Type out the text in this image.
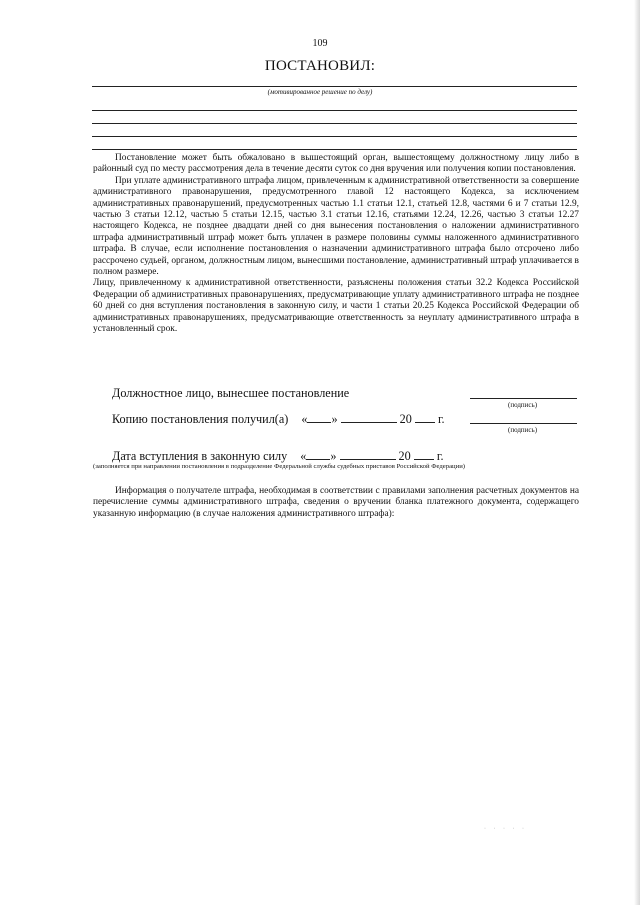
109
ПОСТАНОВИЛ:
(мотивированное решение по делу)

Постановление может быть обжаловано в вышестоящий орган, вышестоящему должностному лицу либо в районный суд по месту рассмотрения дела в течение десяти суток со дня вручения или получения копии постановления.

При уплате административного штрафа лицом, привлеченным к административной ответственности за совершение административного правонарушения, предусмотренного главой 12 настоящего Кодекса, за исключением административных правонарушений, предусмотренных частью 1.1 статьи 12.1, статьей 12.8, частями 6 и 7 статьи 12.9, частью 3 статьи 12.12, частью 5 статьи 12.15, частью 3.1 статьи 12.16, статьями 12.24, 12.26, частью 3 статьи 12.27 настоящего Кодекса, не позднее двадцати дней со дня вынесения постановления о наложении административного штрафа административный штраф может быть уплачен в размере половины суммы наложенного административного штрафа. В случае, если исполнение постановления о назначении административного штрафа было отсрочено либо рассрочено судьей, органом, должностным лицом, вынесшими постановление, административный штраф уплачивается в полном размере.

Лицу, привлеченному к административной ответственности, разъяснены положения статьи 32.2 Кодекса Российской Федерации об административных правонарушениях, предусматривающие уплату административного штрафа не позднее 60 дней со дня вступления постановления в законную силу, и части 1 статьи 20.25 Кодекса Российской Федерации об административных правонарушениях, предусматривающие ответственность за неуплату административного штрафа в установленный срок.

Должностное лицо, вынесшее постановление
(подпись)
Копию постановления получил(а) « »	20 г.
(подпись)
Дата вступления в законную силу « »	20 г.
(заполняется при направлении постановления в подразделение Федеральной службы судебных приставов Российской Федерации)

Информация о получателе штрафа, необходимая в соответствии с правилами заполнения расчетных документов на перечисление суммы административного штрафа, сведения о вручении бланка платежного документа, содержащего указанную информацию (в случае наложения административного штрафа):

· · · · ·
